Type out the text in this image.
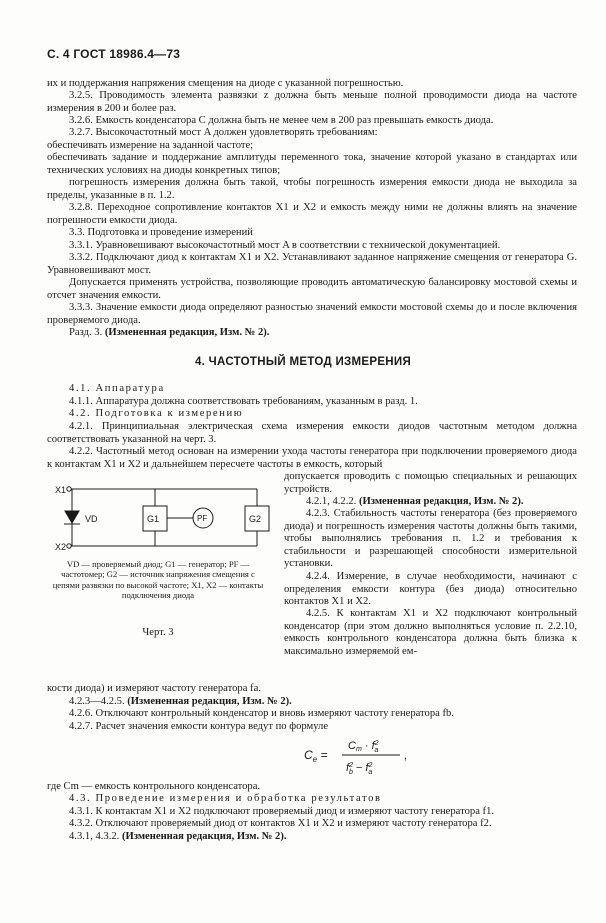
С. 4 ГОСТ 18986.4—73
их и поддержания напряжения смещения на диоде с указанной погрешностью.
3.2.5. Проводимость элемента развязки z должна быть меньше полной проводимости диода на частоте измерения в 200 и более раз.
3.2.6. Емкость конденсатора C должна быть не менее чем в 200 раз превышать емкость диода.
3.2.7. Высокочастотный мост A должен удовлетворять требованиям:
обеспечивать измерение на заданной частоте;
обеспечивать задание и поддержание амплитуды переменного тока, значение которой указано в стандартах или технических условиях на диоды конкретных типов;
погрешность измерения должна быть такой, чтобы погрешность измерения емкости диода не выходила за пределы, указанные в п. 1.2.
3.2.8. Переходное сопротивление контактов X1 и X2 и емкость между ними не должны влиять на значение погрешности емкости диода.
3.3. Подготовка и проведение измерений
3.3.1. Уравновешивают высокочастотный мост A в соответствии с технической документацией.
3.3.2. Подключают диод к контактам X1 и X2. Устанавливают заданное напряжение смещения от генератора G. Уравновешивают мост.
Допускается применять устройства, позволяющие проводить автоматическую балансировку мостовой схемы и отсчет значения емкости.
3.3.3. Значение емкости диода определяют разностью значений емкости мостовой схемы до и после включения проверяемого диода.
Разд. 3. (Измененная редакция, Изм. № 2).
4. ЧАСТОТНЫЙ МЕТОД ИЗМЕРЕНИЯ
4.1. Аппаратура
4.1.1. Аппаратура должна соответствовать требованиям, указанным в разд. 1.
4.2. Подготовка к измерению
4.2.1. Принципиальная электрическая схема измерения емкости диодов частотным методом должна соответствовать указанной на черт. 3.
4.2.2. Частотный метод основан на измерении ухода частоты генератора при подключении проверяемого диода к контактам X1 и X2 и дальнейшем пересчете частоты в емкость, который
X1
X2
VD	G1	PF	G2
VD — проверяемый диод; G1 — генератор; PF — частотомер; G2 — источник напряжения смещения с цепями развязки по высокой частоте; X1, X2 — контакты подключения диода
Черт. 3
допускается проводить с помощью специальных и решающих устройств.
4.2.1, 4.2.2. (Измененная редакция, Изм. № 2).
4.2.3. Стабильность частоты генератора (без проверяемого диода) и погрешность измерения частоты должны быть такими, чтобы выполнялись требования п. 1.2 и требования к стабильности и разрешающей способности измерительной установки.
4.2.4. Измерение, в случае необходимости, начинают с определения емкости контура (без диода) относительно контактов X1 и X2.
4.2.5. К контактам X1 и X2 подключают контрольный конденсатор (при этом должно выполняться условие п. 2.2.10, емкость контрольного конденсатора должна быть близка к максимально измеряемой ем-
кости диода) и измеряют частоту генератора fa.
4.2.3—4.2.5. (Измененная редакция, Изм. № 2).
4.2.6. Отключают контрольный конденсатор и вновь измеряют частоту генератора fb.
4.2.7. Расчет значения емкости контура ведут по формуле
$C_e$ =
$Cm \cdot f^2$ a
$f^2$ $b - f^2$ a
,
где Cm — емкость контрольного конденсатора.
4.3. Проведение измерения и обработка результатов
4.3.1. К контактам X1 и X2 подключают проверяемый диод и измеряют частоту генератора f1.
4.3.2. Отключают проверяемый диод от контактов X1 и X2 и измеряют частоту генератора f2.
4.3.1, 4.3.2. (Измененная редакция, Изм. № 2).
